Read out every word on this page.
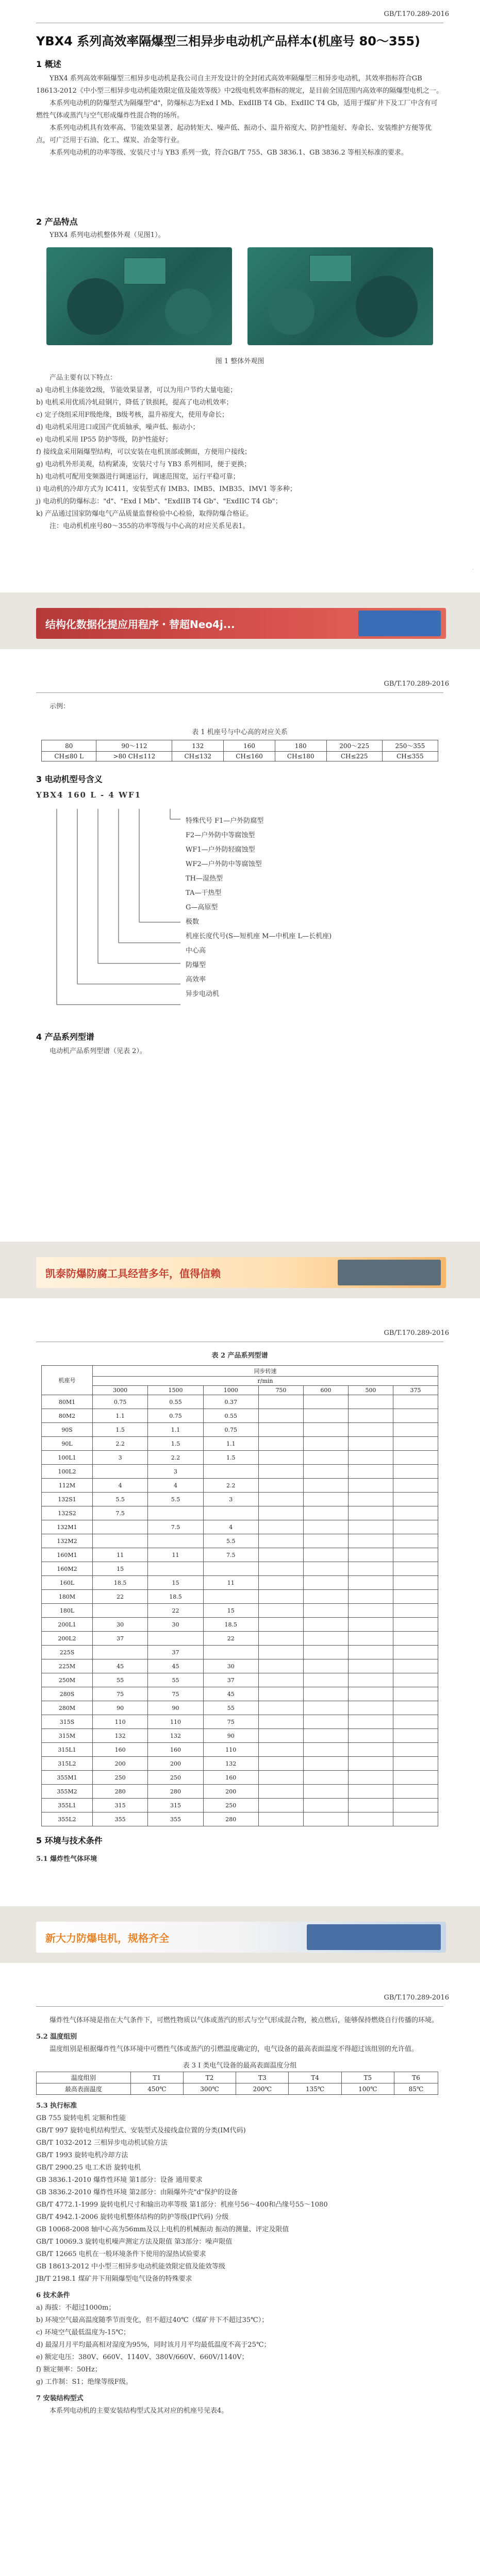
GB/T.170.289-2016
YBX4 系列高效率隔爆型三相异步电动机产品样本(机座号 80～355)
1 概述
YBX4 系列高效率隔爆型三相异步电动机是我公司自主开发设计的全封闭式高效率隔爆型三相异步电动机，其效率指标符合GB 18613-2012《中小型三相异步电动机能效限定值及能效等级》中2级电机效率指标的规定，是目前全国范围内高效率的隔爆型电机之一。
本系列电动机的防爆型式为隔爆型"d"，防爆标志为Exd I Mb、ExdIIB T4 Gb、ExdIIC T4 Gb，适用于煤矿井下及工厂中含有可燃性气体或蒸汽与空气形成爆炸性混合物的场所。
本系列电动机具有效率高、节能效果显著、起动转矩大、噪声低、振动小、温升裕度大、防护性能好、寿命长、安装维护方便等优点，可广泛用于石油、化工、煤炭、冶金等行业。
本系列电动机的功率等级、安装尺寸与 YB3 系列一致，符合GB/T 755、GB 3836.1、GB 3836.2 等相关标准的要求。
2 产品特点
YBX4 系列电动机整体外观（见图1）。
图 1 整体外观图
产品主要有以下特点：
a) 电动机主体能效2级，节能效果显著，可以为用户节约大量电能；
b) 电机采用优质冷轧硅钢片，降低了铁损耗，提高了电动机效率；
c) 定子绕组采用F级绝缘，B级考核，温升裕度大，使用寿命长；
d) 电动机采用进口或国产优质轴承，噪声低、振动小；
e) 电动机采用 IP55 防护等级，防护性能好；
f) 接线盒采用隔爆型结构，可以安装在电机顶部或侧面，方便用户接线；
g) 电动机外形美观，结构紧凑，安装尺寸与 YB3 系列相同，便于更换；
h) 电动机可配用变频器进行调速运行，调速范围宽，运行平稳可靠；
i) 电动机的冷却方式为 IC411，安装型式有 IMB3、IMB5、IMB35、IMV1 等多种；
j) 电动机的防爆标志："d"、"Exd I Mb"、"ExdIIB T4 Gb"、"ExdIIC T4 Gb"；
k) 产品通过国家防爆电气产品质量监督检验中心检验，取得防爆合格证。
注：电动机机座号80～355的功率等级与中心高的对应关系见表1。
·
结构化数据化提应用程序・替超Neo4j...
GB/T.170.289-2016
示例：
表 1 机座号与中心高的对应关系
80	90～112	132	160	180	200～225	250～355
CH≤80 L	>80 CH≤112	CH≤132	CH≤160	CH≤180	CH≤225	CH≤355
3 电动机型号含义
YBX4 160 L - 4 WF1
特殊代号 F1—户外防腐型
F2—户外防中等腐蚀型
WF1—户外防轻腐蚀型
WF2—户外防中等腐蚀型
TH—湿热型
TA—干热型
G—高原型
极数
机座长度代号(S—短机座 M—中机座 L—长机座)
中心高
防爆型
高效率
异步电动机
4 产品系列型谱
电动机产品系列型谱（见表 2）。
凯泰防爆防腐工具经营多年，值得信赖
GB/T.170.289-2016
表 2 产品系列型谱
机座号	同步转速						
	r/min						
	3000	1500	1000	750	600	500	375
80M1	0.75	0.55	0.37				
80M2	1.1	0.75	0.55				
90S	1.5	1.1	0.75				
90L	2.2	1.5	1.1				
100L1	3	2.2	1.5				
100L2		3					
112M	4	4	2.2				
132S1	5.5	5.5	3				
132S2	7.5						
132M1		7.5	4				
132M2			5.5				
160M1	11	11	7.5				
160M2	15						
160L	18.5	15	11				
180M	22	18.5					
180L		22	15				
200L1	30	30	18.5				
200L2	37		22				
225S		37					
225M	45	45	30				
250M	55	55	37				
280S	75	75	45				
280M	90	90	55				
315S	110	110	75				
315M	132	132	90				
315L1	160	160	110				
315L2	200	200	132				
355M1	250	250	160				
355M2	280	280	200				
355L1	315	315	250				
355L2	355	355	280				
5 环境与技术条件
5.1 爆炸性气体环境
新大力防爆电机，规格齐全
GB/T.170.289-2016
爆炸性气体环境是指在大气条件下，可燃性物质以气体或蒸汽的形式与空气形成混合物，被点燃后，能够保持燃烧自行传播的环境。
5.2 温度组别
温度组别是根据爆炸性气体环境中可燃性气体或蒸汽的引燃温度确定的，电气设备的最高表面温度不得超过该组别的允许值。
表 3 I 类电气设备的最高表面温度分组
温度组别	T1	T2	T3	T4	T5	T6
最高表面温度	450℃	300℃	200℃	135℃	100℃	85℃
5.3 执行标准
GB 755 旋转电机 定额和性能
GB/T 997 旋转电机结构型式、安装型式及接线盒位置的分类(IM代码)
GB/T 1032-2012 三相异步电动机试验方法
GB/T 1993 旋转电机冷却方法
GB/T 2900.25 电工术语 旋转电机
GB 3836.1-2010 爆炸性环境 第1部分：设备 通用要求
GB 3836.2-2010 爆炸性环境 第2部分：由隔爆外壳"d"保护的设备
GB/T 4772.1-1999 旋转电机尺寸和输出功率等级 第1部分：机座号56～400和凸缘号55～1080
GB/T 4942.1-2006 旋转电机整体结构的防护等级(IP代码) 分级
GB 10068-2008 轴中心高为56mm及以上电机的机械振动 振动的测量、评定及限值
GB/T 10069.3 旋转电机噪声测定方法及限值 第3部分：噪声限值
GB/T 12665 电机在一般环境条件下使用的湿热试验要求
GB 18613-2012 中小型三相异步电动机能效限定值及能效等级
JB/T 2198.1 煤矿井下用隔爆型电气设备的特殊要求
6 技术条件
a) 海拔：不超过1000m；
b) 环境空气最高温度随季节而变化，但不超过40℃（煤矿井下不超过35℃）；
c) 环境空气最低温度为-15℃；
d) 最湿月月平均最高相对湿度为95%，同时该月月平均最低温度不高于25℃；
e) 额定电压：380V、660V、1140V、380V/660V、660V/1140V；
f) 额定频率：50Hz；
g) 工作制：S1；绝缘等级F级。
7 安装结构型式
本系列电动机的主要安装结构型式及其对应的机座号见表4。
